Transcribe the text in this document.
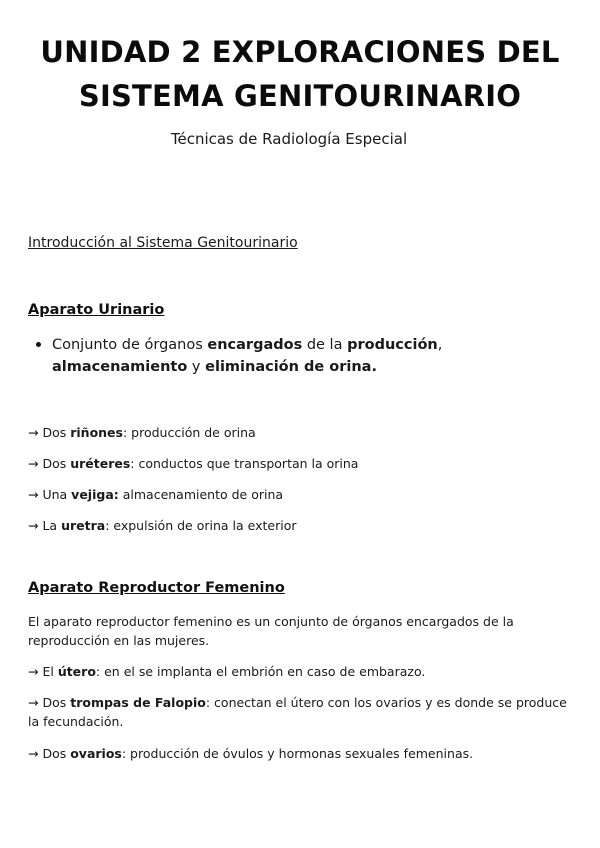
UNIDAD 2 EXPLORACIONES DEL
SISTEMA GENITOURINARIO
Técnicas de Radiología Especial
Introducción al Sistema Genitourinario
Aparato Urinario
Conjunto de órganos encargados de la producción, almacenamiento y eliminación de orina.
→ Dos riñones: producción de orina
→ Dos uréteres: conductos que transportan la orina
→ Una vejiga: almacenamiento de orina
→ La uretra: expulsión de orina la exterior
Aparato Reproductor Femenino
El aparato reproductor femenino es un conjunto de órganos encargados de la reproducción en las mujeres.
→ El útero: en el se implanta el embrión en caso de embarazo.
→ Dos trompas de Falopio: conectan el útero con los ovarios y es donde se produce la fecundación.
→ Dos ovarios: producción de óvulos y hormonas sexuales femeninas.
